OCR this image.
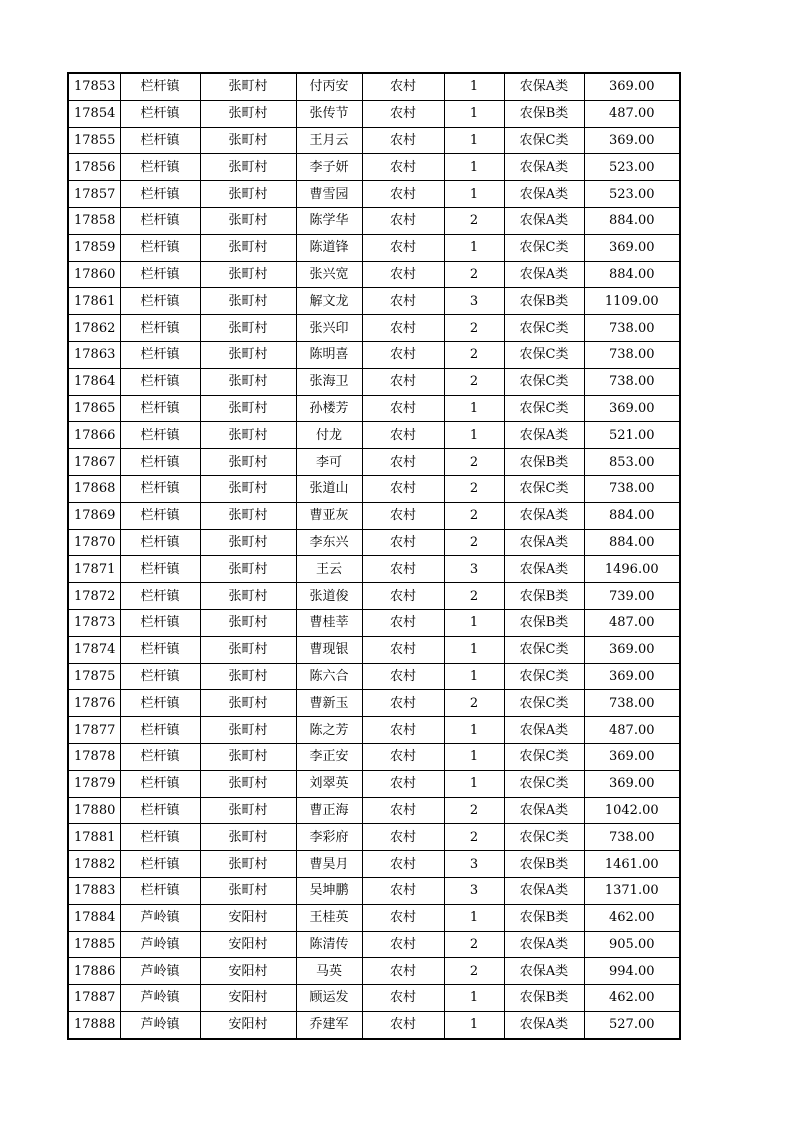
17853	栏杆镇	张町村	付丙安	农村	1	农保A类	369.00
17854	栏杆镇	张町村	张传节	农村	1	农保B类	487.00
17855	栏杆镇	张町村	王月云	农村	1	农保C类	369.00
17856	栏杆镇	张町村	李子妍	农村	1	农保A类	523.00
17857	栏杆镇	张町村	曹雪园	农村	1	农保A类	523.00
17858	栏杆镇	张町村	陈学华	农村	2	农保A类	884.00
17859	栏杆镇	张町村	陈道锋	农村	1	农保C类	369.00
17860	栏杆镇	张町村	张兴宽	农村	2	农保A类	884.00
17861	栏杆镇	张町村	解文龙	农村	3	农保B类	1109.00
17862	栏杆镇	张町村	张兴印	农村	2	农保C类	738.00
17863	栏杆镇	张町村	陈明喜	农村	2	农保C类	738.00
17864	栏杆镇	张町村	张海卫	农村	2	农保C类	738.00
17865	栏杆镇	张町村	孙楼芳	农村	1	农保C类	369.00
17866	栏杆镇	张町村	付龙	农村	1	农保A类	521.00
17867	栏杆镇	张町村	李可	农村	2	农保B类	853.00
17868	栏杆镇	张町村	张道山	农村	2	农保C类	738.00
17869	栏杆镇	张町村	曹亚灰	农村	2	农保A类	884.00
17870	栏杆镇	张町村	李东兴	农村	2	农保A类	884.00
17871	栏杆镇	张町村	王云	农村	3	农保A类	1496.00
17872	栏杆镇	张町村	张道俊	农村	2	农保B类	739.00
17873	栏杆镇	张町村	曹桂莘	农村	1	农保B类	487.00
17874	栏杆镇	张町村	曹现银	农村	1	农保C类	369.00
17875	栏杆镇	张町村	陈六合	农村	1	农保C类	369.00
17876	栏杆镇	张町村	曹新玉	农村	2	农保C类	738.00
17877	栏杆镇	张町村	陈之芳	农村	1	农保A类	487.00
17878	栏杆镇	张町村	李正安	农村	1	农保C类	369.00
17879	栏杆镇	张町村	刘翠英	农村	1	农保C类	369.00
17880	栏杆镇	张町村	曹正海	农村	2	农保A类	1042.00
17881	栏杆镇	张町村	李彩府	农村	2	农保C类	738.00
17882	栏杆镇	张町村	曹昊月	农村	3	农保B类	1461.00
17883	栏杆镇	张町村	吴坤鹏	农村	3	农保A类	1371.00
17884	芦岭镇	安阳村	王桂英	农村	1	农保B类	462.00
17885	芦岭镇	安阳村	陈清传	农村	2	农保A类	905.00
17886	芦岭镇	安阳村	马英	农村	2	农保A类	994.00
17887	芦岭镇	安阳村	顾运发	农村	1	农保B类	462.00
17888	芦岭镇	安阳村	乔建军	农村	1	农保A类	527.00
